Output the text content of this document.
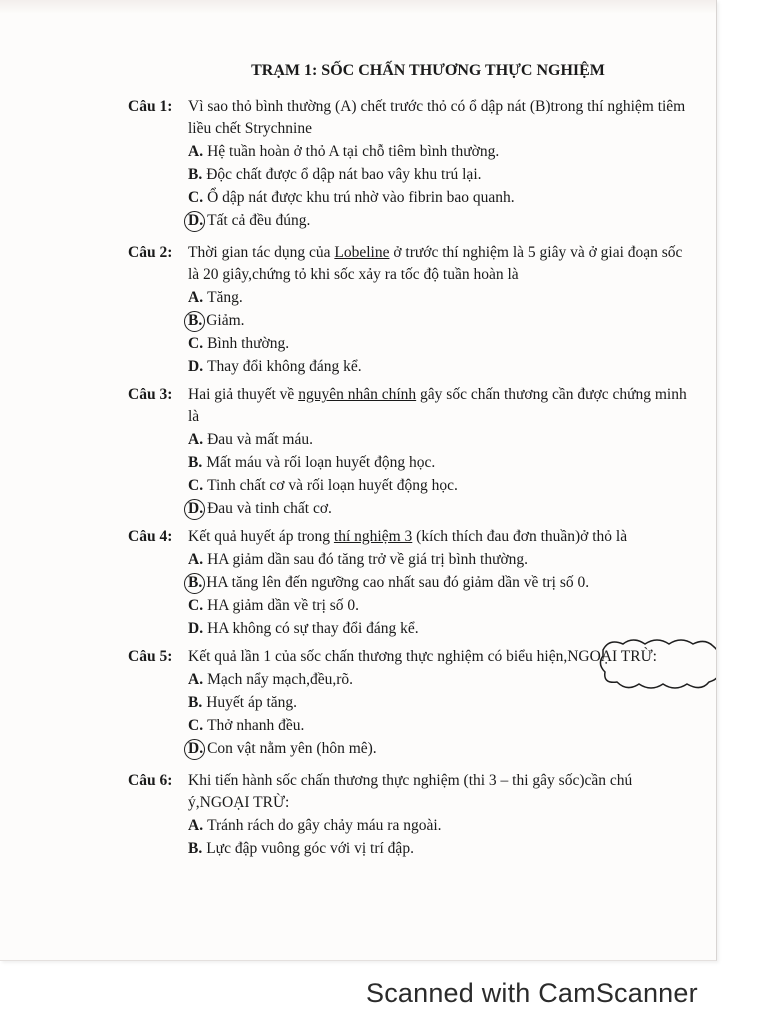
TRẠM 1: SỐC CHẤN THƯƠNG THỰC NGHIỆM
Câu 1:	Vì sao thỏ bình thường (A) chết trước thỏ có ổ dập nát (B)trong thí nghiệm tiêm
liều chết Strychnine
A. Hệ tuần hoàn ở thỏ A tại chỗ tiêm bình thường.
B. Độc chất được ổ dập nát bao vây khu trú lại.
C. Ổ dập nát được khu trú nhờ vào fibrin bao quanh.
D. Tất cả đều đúng.
Câu 2:	Thời gian tác dụng của Lobeline ở trước thí nghiệm là 5 giây và ở giai đoạn sốc
là 20 giây,chứng tỏ khi sốc xảy ra tốc độ tuần hoàn là
A. Tăng.
B. Giảm.
C. Bình thường.
D. Thay đổi không đáng kể.
Câu 3:	Hai giả thuyết về nguyên nhân chính gây sốc chấn thương cần được chứng minh
là
A. Đau và mất máu.
B. Mất máu và rối loạn huyết động học.
C. Tinh chất cơ và rối loạn huyết động học.
D. Đau và tinh chất cơ.
Câu 4:	Kết quả huyết áp trong thí nghiệm 3 (kích thích đau đơn thuần)ở thỏ là
A. HA giảm dần sau đó tăng trở về giá trị bình thường.
B. HA tăng lên đến ngưỡng cao nhất sau đó giảm dần về trị số 0.
C. HA giảm dần về trị số 0.
D. HA không có sự thay đổi đáng kể.
Câu 5:	Kết quả lần 1 của sốc chấn thương thực nghiệm có biểu hiện,NGOẠI TRỪ:
A. Mạch nẩy mạch,đều,rõ.
B. Huyết áp tăng.
C. Thở nhanh đều.
D. Con vật nằm yên (hôn mê).
Câu 6:	Khi tiến hành sốc chấn thương thực nghiệm (thi 3 – thi gây sốc)cần chú
ý,NGOẠI TRỪ:
A. Tránh rách do gây chảy máu ra ngoài.
B. Lực đập vuông góc với vị trí đập.
Scanned with CamScanner
